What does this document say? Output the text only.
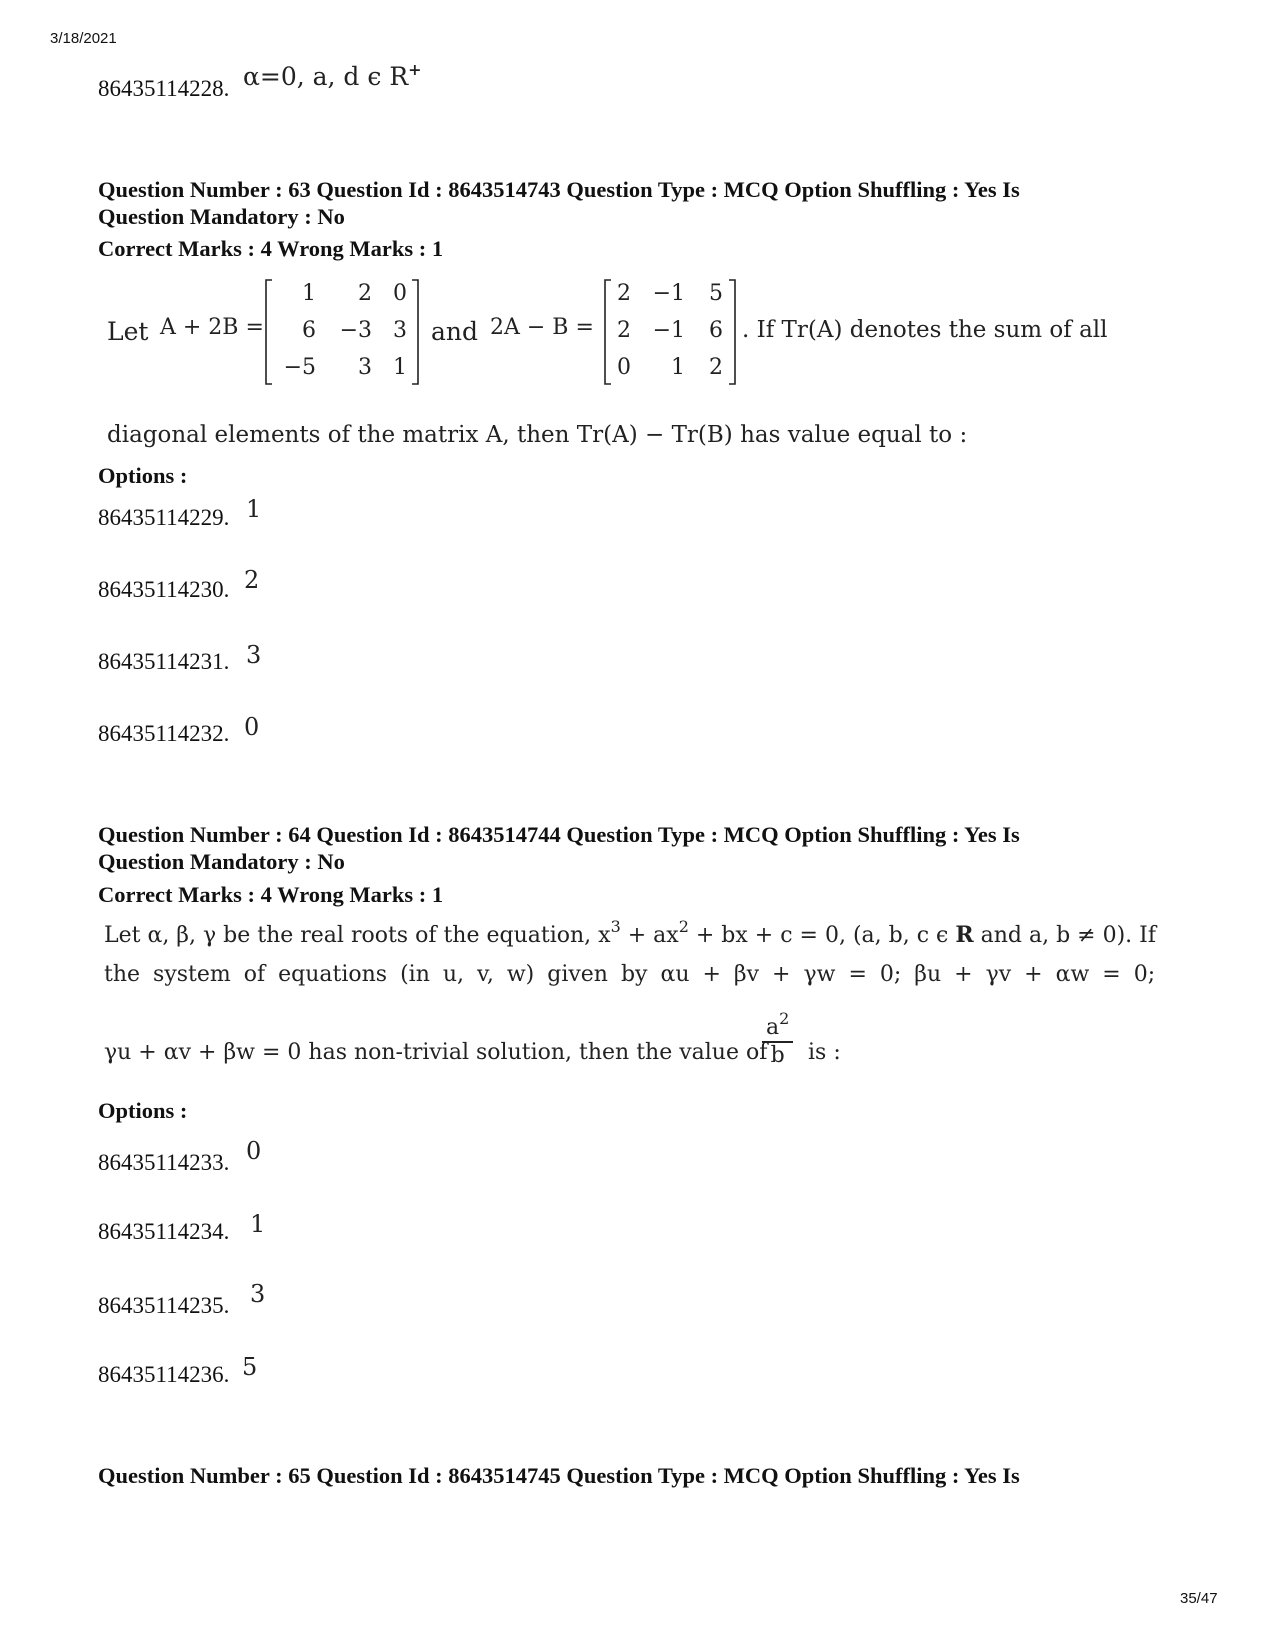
3/18/2021
86435114228. α=0, a, d ϵ R+
Question Number : 63 Question Id : 8643514743 Question Type : MCQ Option Shuffling : Yes Is
Question Mandatory : No
Correct Marks : 4 Wrong Marks : 1
Let A + 2B =
1 2 0
6 −3 3
−5 3 1
and 2A − B =
2 −1 5
2 −1 6
0 1 2
. If Tr(A) denotes the sum of all
diagonal elements of the matrix A, then Tr(A) − Tr(B) has value equal to :
Options :
86435114229. 1
86435114230. 2
86435114231. 3
86435114232. 0
Question Number : 64 Question Id : 8643514744 Question Type : MCQ Option Shuffling : Yes Is
Question Mandatory : No
Correct Marks : 4 Wrong Marks : 1
Let α, β, γ be the real roots of the equation, $x^3 + ax^2$ + bx + c = 0, (a, b, c ϵ R and a, b ≠ 0). If
the system of equations (in u, v, w) given by αu + βv + γw = 0; βu + γv + αw = 0;
γu + αv + βw = 0 has non-trivial solution, then the value of
$\frac{a^2}{b}$ is :
Options :
86435114233. 0
86435114234. 1
86435114235. 3
86435114236. 5
Question Number : 65 Question Id : 8643514745 Question Type : MCQ Option Shuffling : Yes Is
35/47
